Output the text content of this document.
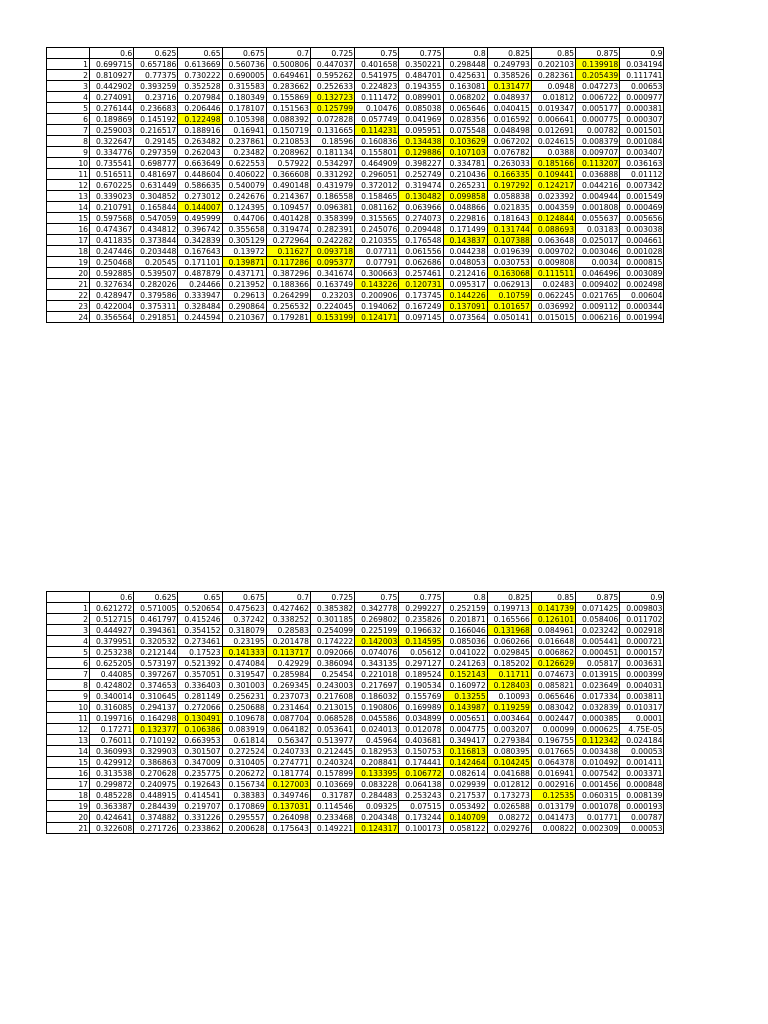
	0.6	0.625	0.65	0.675	0.7	0.725	0.75	0.775	0.8	0.825	0.85	0.875	0.9
1	0.699715	0.657186	0.613669	0.560736	0.500806	0.447037	0.401658	0.350221	0.298448	0.249793	0.202103	0.139918	0.034194
2	0.810927	0.77375	0.730222	0.690005	0.649461	0.595262	0.541975	0.484701	0.425631	0.358526	0.282361	0.205439	0.111741
3	0.442902	0.393259	0.352528	0.315583	0.283662	0.252633	0.224823	0.194355	0.163081	0.131477	0.0948	0.047273	0.00653
4	0.274091	0.23716	0.207984	0.180349	0.155869	0.132723	0.111472	0.089901	0.068202	0.048937	0.01812	0.006722	0.000977
5	0.276144	0.236683	0.206446	0.178107	0.151563	0.125799	0.10476	0.085038	0.065646	0.040415	0.019347	0.005177	0.000381
6	0.189869	0.145192	0.122498	0.105398	0.088392	0.072828	0.057749	0.041969	0.028356	0.016592	0.006641	0.000775	0.000307
7	0.259003	0.216517	0.188916	0.16941	0.150719	0.131665	0.114231	0.095951	0.075548	0.048498	0.012691	0.00782	0.001501
8	0.322647	0.29145	0.263482	0.237861	0.210853	0.18596	0.160836	0.134438	0.103629	0.067202	0.024615	0.008379	0.001084
9	0.334776	0.297359	0.262043	0.23482	0.208962	0.181134	0.155801	0.129886	0.107103	0.076782	0.0388	0.009707	0.003407
10	0.735541	0.698777	0.663649	0.622553	0.57922	0.534297	0.464909	0.398227	0.334781	0.263033	0.185166	0.113207	0.036163
11	0.516511	0.481697	0.448604	0.406022	0.366608	0.331292	0.296051	0.252749	0.210436	0.166335	0.109441	0.036888	0.01112
12	0.670225	0.631449	0.586635	0.540079	0.490148	0.431979	0.372012	0.319474	0.265231	0.197292	0.124217	0.044216	0.007342
13	0.339023	0.304852	0.273012	0.242676	0.214367	0.186558	0.158465	0.130482	0.099858	0.058838	0.023392	0.004944	0.001549
14	0.210791	0.165844	0.144007	0.124395	0.109457	0.096381	0.081162	0.063966	0.048866	0.021835	0.004359	0.001808	0.000469
15	0.597568	0.547059	0.495999	0.44706	0.401428	0.358399	0.315565	0.274073	0.229816	0.181643	0.124844	0.055637	0.005656
16	0.474367	0.434812	0.396742	0.355658	0.319474	0.282391	0.245076	0.209448	0.171499	0.131744	0.088693	0.03183	0.003038
17	0.411835	0.373844	0.342839	0.305129	0.272964	0.242282	0.210355	0.176548	0.143837	0.107388	0.063648	0.025017	0.004661
18	0.247446	0.203448	0.167643	0.13972	0.11627	0.093718	0.07711	0.061556	0.044238	0.019639	0.009702	0.003046	0.001028
19	0.250468	0.20545	0.171101	0.139871	0.117286	0.095377	0.07791	0.062686	0.048053	0.030753	0.009808	0.0034	0.000815
20	0.592885	0.539507	0.487879	0.437171	0.387296	0.341674	0.300663	0.257461	0.212416	0.163068	0.111511	0.046496	0.003089
21	0.327634	0.282026	0.24466	0.213952	0.188366	0.163749	0.143226	0.120731	0.095317	0.062913	0.02483	0.009402	0.002498
22	0.428947	0.379586	0.333947	0.29613	0.264299	0.23203	0.200906	0.173745	0.144226	0.10759	0.062245	0.021765	0.00604
23	0.422004	0.375311	0.328484	0.290864	0.256532	0.224045	0.194062	0.167249	0.137091	0.101657	0.036992	0.009112	0.000344
24	0.356564	0.291851	0.244594	0.210367	0.179281	0.153199	0.124171	0.097145	0.073564	0.050141	0.015015	0.006216	0.001994
	0.6	0.625	0.65	0.675	0.7	0.725	0.75	0.775	0.8	0.825	0.85	0.875	0.9
1	0.621272	0.571005	0.520654	0.475623	0.427462	0.385382	0.342778	0.299227	0.252159	0.199713	0.141739	0.071425	0.009803
2	0.512715	0.461797	0.415246	0.37242	0.338252	0.301185	0.269802	0.235826	0.201871	0.165566	0.126101	0.058406	0.011702
3	0.444927	0.394361	0.354152	0.318079	0.28583	0.254099	0.225199	0.196632	0.166046	0.131968	0.084961	0.023242	0.002918
4	0.379951	0.320532	0.273461	0.23195	0.201478	0.174222	0.142003	0.114595	0.085036	0.060266	0.016648	0.005441	0.000721
5	0.253238	0.212144	0.17523	0.141333	0.113717	0.092066	0.074076	0.05612	0.041022	0.029845	0.006862	0.000451	0.000157
6	0.625205	0.573197	0.521392	0.474084	0.42929	0.386094	0.343135	0.297127	0.241263	0.185202	0.126629	0.05817	0.003631
7	0.44085	0.397267	0.357051	0.319547	0.285984	0.25454	0.221018	0.189524	0.152143	0.11711	0.074673	0.013915	0.000399
8	0.424802	0.374653	0.336403	0.301003	0.269345	0.243003	0.217697	0.190534	0.160972	0.128403	0.085821	0.023649	0.004031
9	0.340014	0.310645	0.281149	0.256231	0.237073	0.217608	0.186032	0.155769	0.13255	0.10093	0.065646	0.017334	0.003811
10	0.316085	0.294137	0.272066	0.250688	0.231464	0.213015	0.190806	0.169989	0.143987	0.119259	0.083042	0.032839	0.010317
11	0.199716	0.164298	0.130491	0.109678	0.087704	0.068528	0.045586	0.034899	0.005651	0.003464	0.002447	0.000385	0.0001
12	0.17271	0.132377	0.106386	0.083919	0.064182	0.053641	0.024013	0.012078	0.004775	0.003207	0.00099	0.000625	4.75E-05
13	0.76011	0.710192	0.663953	0.61814	0.56347	0.513977	0.45964	0.403681	0.349417	0.279384	0.196755	0.112342	0.024184
14	0.360993	0.329903	0.301507	0.272524	0.240733	0.212445	0.182953	0.150753	0.116813	0.080395	0.017665	0.003438	0.00053
15	0.429912	0.386863	0.347009	0.310405	0.274771	0.240324	0.208841	0.174441	0.142464	0.104245	0.064378	0.010492	0.001411
16	0.313538	0.270628	0.235775	0.206272	0.181774	0.157899	0.133395	0.106772	0.082614	0.041688	0.016941	0.007542	0.003371
17	0.299872	0.240975	0.192643	0.156734	0.127003	0.103669	0.083228	0.064138	0.029939	0.012812	0.002916	0.001456	0.000848
18	0.485228	0.448915	0.414541	0.38383	0.349746	0.31787	0.284483	0.253243	0.217537	0.173273	0.12535	0.060315	0.008139
19	0.363387	0.284439	0.219707	0.170869	0.137031	0.114546	0.09325	0.07515	0.053492	0.026588	0.013179	0.001078	0.000193
20	0.424641	0.374882	0.331226	0.295557	0.264098	0.233468	0.204348	0.173244	0.140709	0.08272	0.041473	0.01771	0.00787
21	0.322608	0.271726	0.233862	0.200628	0.175643	0.149221	0.124317	0.100173	0.058122	0.029276	0.00822	0.002309	0.00053
